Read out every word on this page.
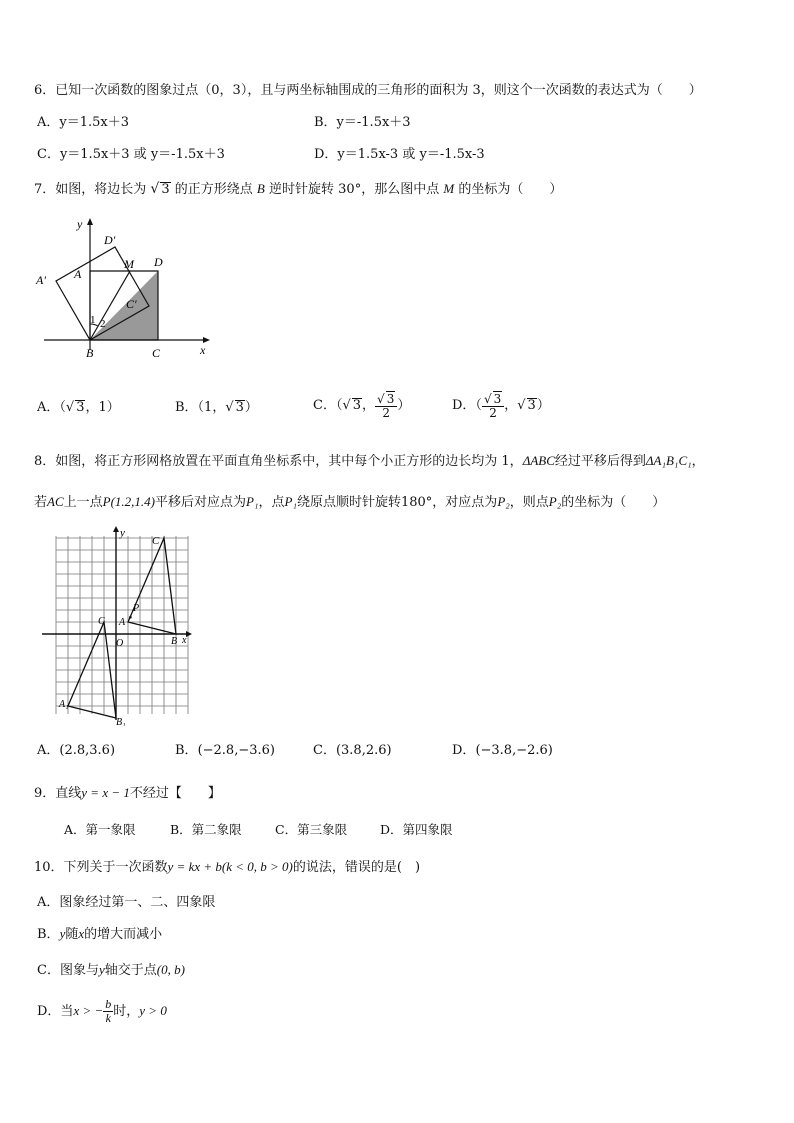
6．已知一次函数的图象过点（0，3），且与两坐标轴围成的三角形的面积为 3，则这个一次函数的表达式为（　　）
A．y＝1.5x＋3	B．y＝-1.5x＋3
C．y＝1.5x＋3 或 y＝-1.5x＋3	D．y＝1.5x-3 或 y＝-1.5x-3
7．如图，将边长为 √ 3 的正方形绕点 B 逆时针旋转 30°，那么图中点 M 的坐标为（　　）
y
D′
A
M D
A′
C′
1 2
B	C	x
A．（√ 3，1）	B．（1，√ 3）	C．（√ 3， $\frac{√ 3}{2}$ ）	D．（ $\frac{√ 3}{2}$ ，√ 3）
8．如图，将正方形网格放置在平面直角坐标系中，其中每个小正方形的边长均为 1，ΔABC经过平移后得到ΔA₁B₁C₁，
若AC上一点P(1.2,1.4)平移后对应点为P₁，点P₁绕原点顺时针旋转180°，对应点为P₂，则点P₂的坐标为（　　）
y
C
P
A
O	B x
C
A₁
B₁
A．(2.8,3.6)	B．(−2.8,−3.6)	C．(3.8,2.6)	D．(−3.8,−2.6)
9．直线y = x − 1不经过【　　】
A．第一象限	B．第二象限	C．第三象限	D．第四象限
10．下列关于一次函数y = kx + b(k < 0, b > 0)的说法，错误的是(　)
A．图象经过第一、二、四象限
B．y随x的增大而减小
C．图象与y轴交于点(0, b)
D．当x > − $\frac{b}{k}$ 时，y > 0
